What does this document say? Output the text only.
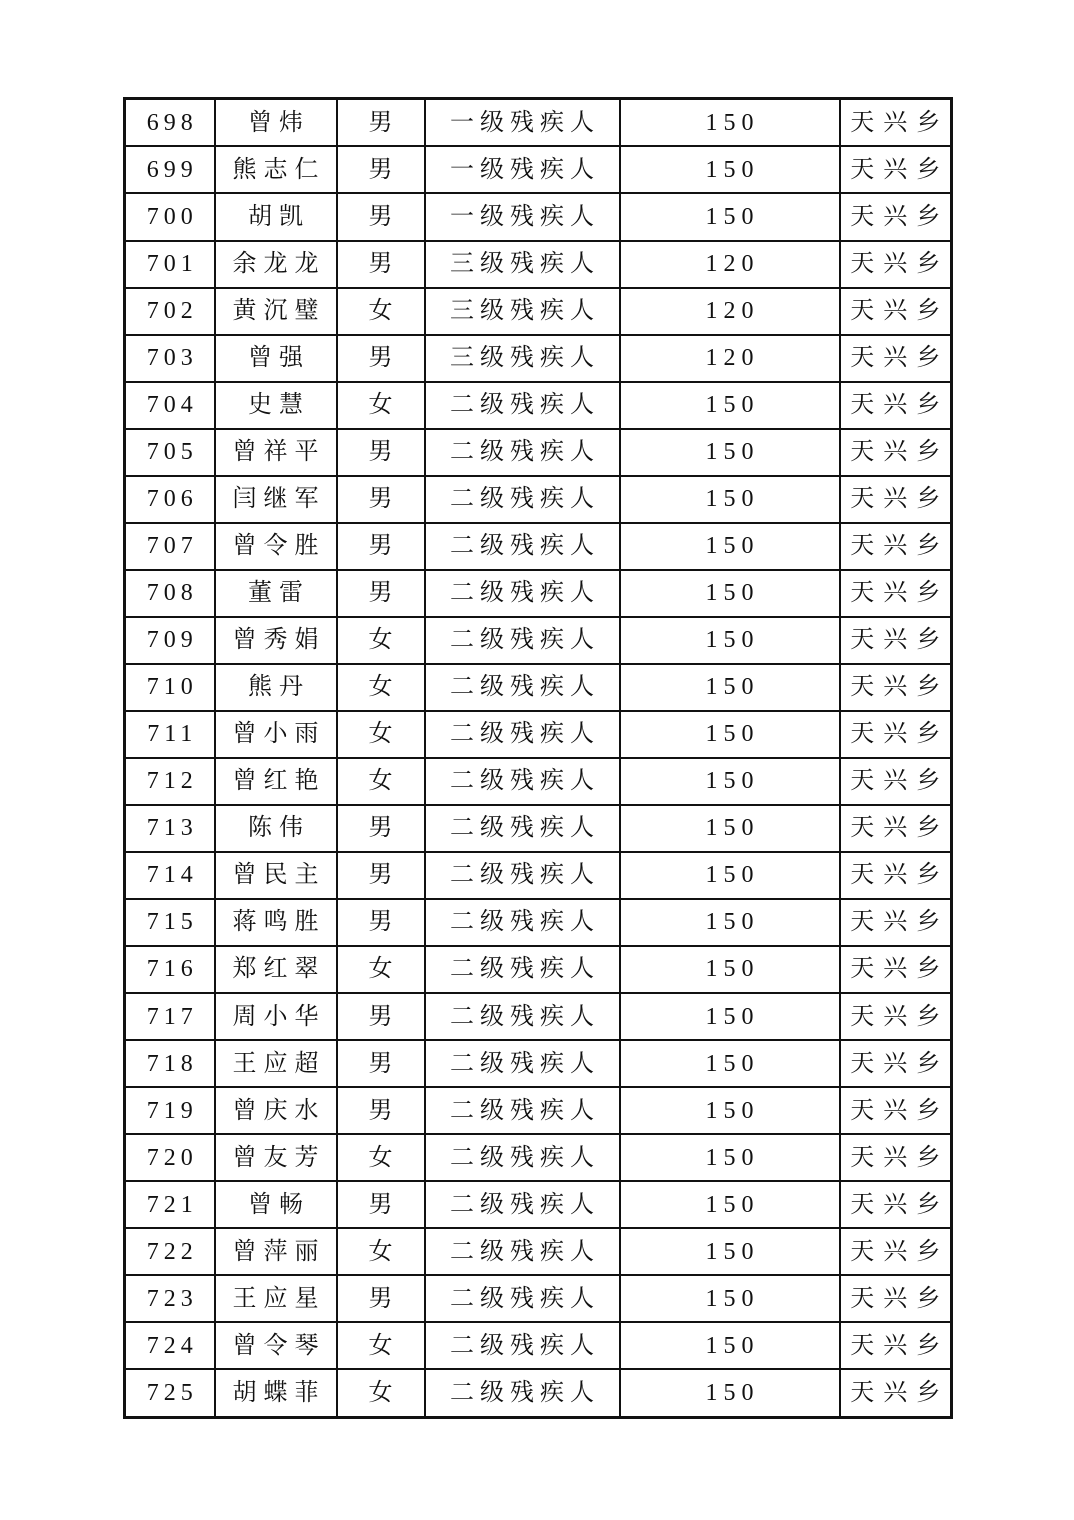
698	曾炜	男	一级残疾人	150	天兴乡
699	熊志仁	男	一级残疾人	150	天兴乡
700	胡凯	男	一级残疾人	150	天兴乡
701	余龙龙	男	三级残疾人	120	天兴乡
702	黄沉璧	女	三级残疾人	120	天兴乡
703	曾强	男	三级残疾人	120	天兴乡
704	史慧	女	二级残疾人	150	天兴乡
705	曾祥平	男	二级残疾人	150	天兴乡
706	闫继军	男	二级残疾人	150	天兴乡
707	曾令胜	男	二级残疾人	150	天兴乡
708	董雷	男	二级残疾人	150	天兴乡
709	曾秀娟	女	二级残疾人	150	天兴乡
710	熊丹	女	二级残疾人	150	天兴乡
711	曾小雨	女	二级残疾人	150	天兴乡
712	曾红艳	女	二级残疾人	150	天兴乡
713	陈伟	男	二级残疾人	150	天兴乡
714	曾民主	男	二级残疾人	150	天兴乡
715	蒋鸣胜	男	二级残疾人	150	天兴乡
716	郑红翠	女	二级残疾人	150	天兴乡
717	周小华	男	二级残疾人	150	天兴乡
718	王应超	男	二级残疾人	150	天兴乡
719	曾庆水	男	二级残疾人	150	天兴乡
720	曾友芳	女	二级残疾人	150	天兴乡
721	曾畅	男	二级残疾人	150	天兴乡
722	曾萍丽	女	二级残疾人	150	天兴乡
723	王应星	男	二级残疾人	150	天兴乡
724	曾令琴	女	二级残疾人	150	天兴乡
725	胡蝶菲	女	二级残疾人	150	天兴乡
